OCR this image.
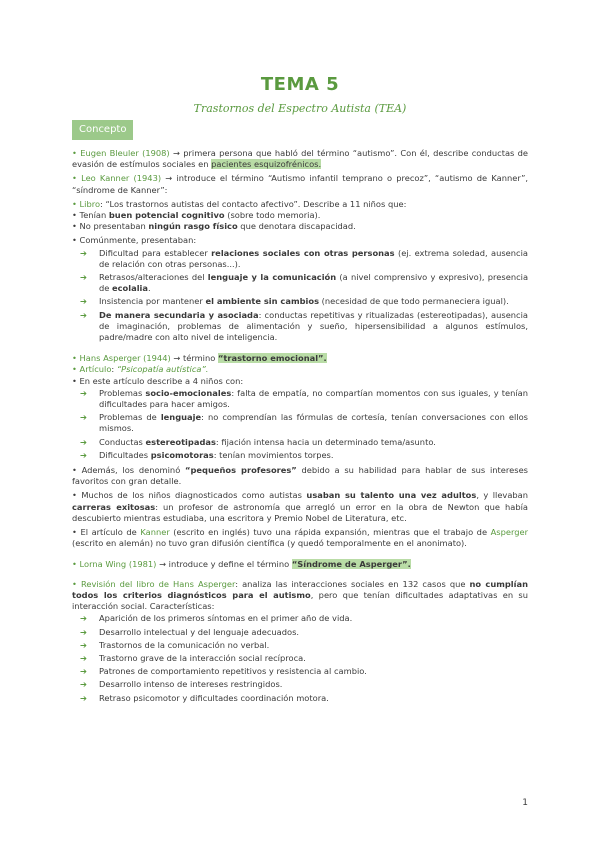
TEMA 5
Trastornos del Espectro Autista (TEA)
Concepto

• Eugen Bleuler (1908) → primera persona que habló del término “autismo”. Con él, describe conductas de evasión de estímulos sociales en pacientes esquizofrénicos.

• Leo Kanner (1943) → introduce el término “Autismo infantil temprano o precoz”, “autismo de Kanner”, “síndrome de Kanner”:

• Libro: “Los trastornos autistas del contacto afectivo”. Describe a 11 niños que:

• Tenían buen potencial cognitivo (sobre todo memoria).

• No presentaban ningún rasgo físico que denotara discapacidad.

• Comúnmente, presentaban:

➔ Dificultad para establecer relaciones sociales con otras personas (ej. extrema soledad, ausencia de relación con otras personas...).
➔ Retrasos/alteraciones del lenguaje y la comunicación (a nivel comprensivo y expresivo), presencia de ecolalia.
➔ Insistencia por mantener el ambiente sin cambios (necesidad de que todo permaneciera igual).
➔ De manera secundaria y asociada: conductas repetitivas y ritualizadas (estereotipadas), ausencia de imaginación, problemas de alimentación y sueño, hipersensibilidad a algunos estímulos, padre/madre con alto nivel de inteligencia.

• Hans Asperger (1944) → término “trastorno emocional”.

• Artículo: “Psicopatía autística”.

• En este artículo describe a 4 niños con:

➔ Problemas socio-emocionales: falta de empatía, no compartían momentos con sus iguales, y tenían dificultades para hacer amigos.
➔ Problemas de lenguaje: no comprendían las fórmulas de cortesía, tenían conversaciones con ellos mismos.
➔ Conductas estereotipadas: fijación intensa hacia un determinado tema/asunto.
➔ Dificultades psicomotoras: tenían movimientos torpes.

• Además, los denominó “pequeños profesores” debido a su habilidad para hablar de sus intereses favoritos con gran detalle.

• Muchos de los niños diagnosticados como autistas usaban su talento una vez adultos, y llevaban carreras exitosas: un profesor de astronomía que arregló un error en la obra de Newton que había descubierto mientras estudiaba, una escritora y Premio Nobel de Literatura, etc.

• El artículo de Kanner (escrito en inglés) tuvo una rápida expansión, mientras que el trabajo de Asperger (escrito en alemán) no tuvo gran difusión científica (y quedó temporalmente en el anonimato).

• Lorna Wing (1981) → introduce y define el término “Síndrome de Asperger”.

• Revisión del libro de Hans Asperger: analiza las interacciones sociales en 132 casos que no cumplían todos los criterios diagnósticos para el autismo, pero que tenían dificultades adaptativas en su interacción social. Características:

➔ Aparición de los primeros síntomas en el primer año de vida.
➔ Desarrollo intelectual y del lenguaje adecuados.
➔ Trastornos de la comunicación no verbal.
➔ Trastorno grave de la interacción social recíproca.
➔ Patrones de comportamiento repetitivos y resistencia al cambio.
➔ Desarrollo intenso de intereses restringidos.
➔ Retraso psicomotor y dificultades coordinación motora.
1
